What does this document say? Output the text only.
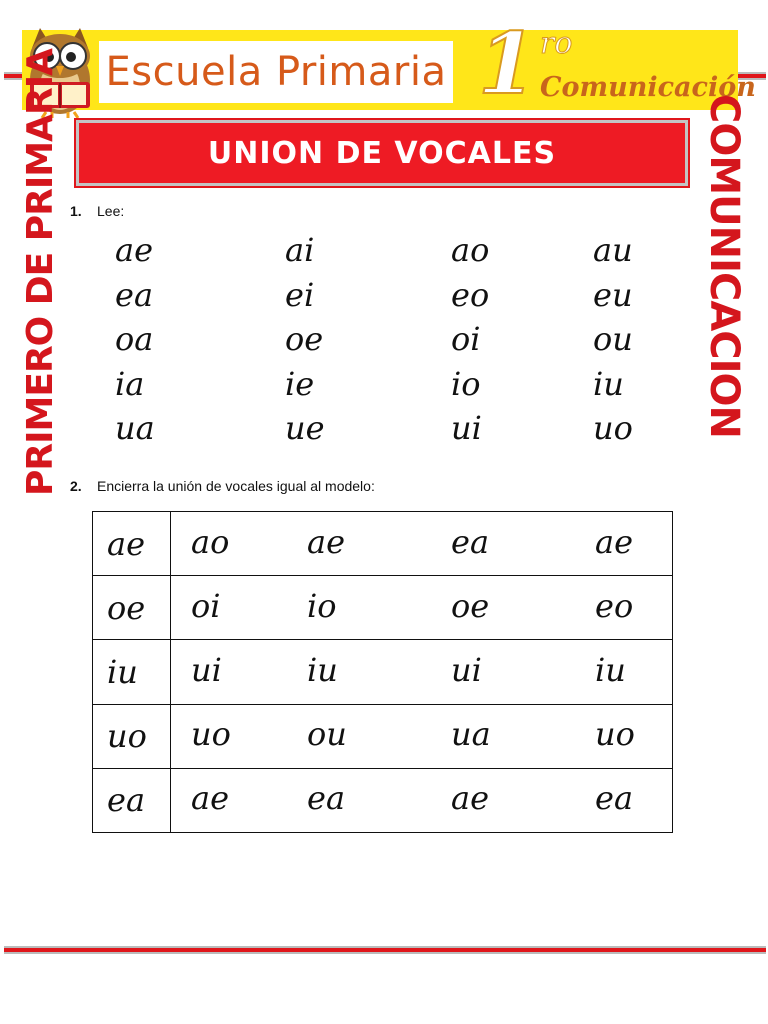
Escuela Primaria 1 ro
Comunicación
UNION DE VOCALES
PRIMERO DE PRIMARIA	COMUNICACION
1. Lee:
ae	ai	ao	au
ea	ei	eo	eu
oa	oe	oi	ou
ia	ie	io	iu
ua	ue	ui	uo
2. Encierra la unión de vocales igual al modelo:
ae	ao ae ea ae

oe	oi io oe eo

iu	ui iu ui iu

uo	uo ou ua uo

ea	ae ea ae ea
